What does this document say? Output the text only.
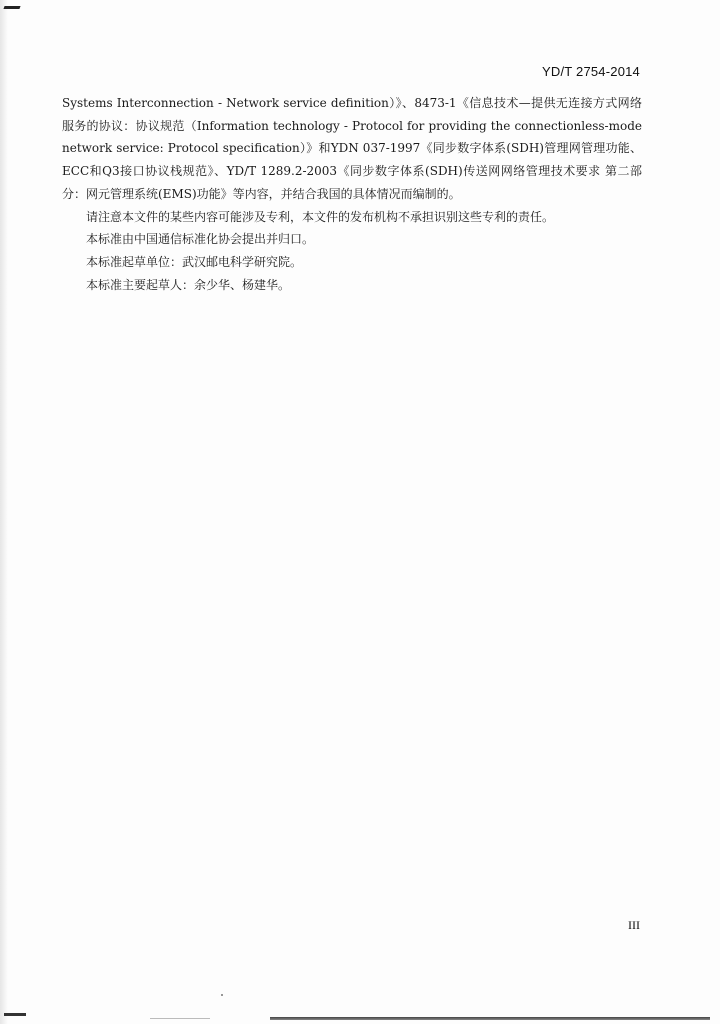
YD/T 2754-2014

Systems Interconnection - Network service definition）》、8473-1《信息技术—提供无连接方式网络服务的协议：协议规范（Information technology - Protocol for providing the connectionless-mode network service: Protocol specification）》和YDN 037-1997《同步数字体系(SDH)管理网管理功能、ECC和Q3接口协议栈规范》、YD/T 1289.2-2003《同步数字体系(SDH)传送网网络管理技术要求 第二部分：网元管理系统(EMS)功能》等内容，并结合我国的具体情况而编制的。

请注意本文件的某些内容可能涉及专利，本文件的发布机构不承担识别这些专利的责任。

本标准由中国通信标准化协会提出并归口。

本标准起草单位：武汉邮电科学研究院。

本标准主要起草人：余少华、杨建华。

III
